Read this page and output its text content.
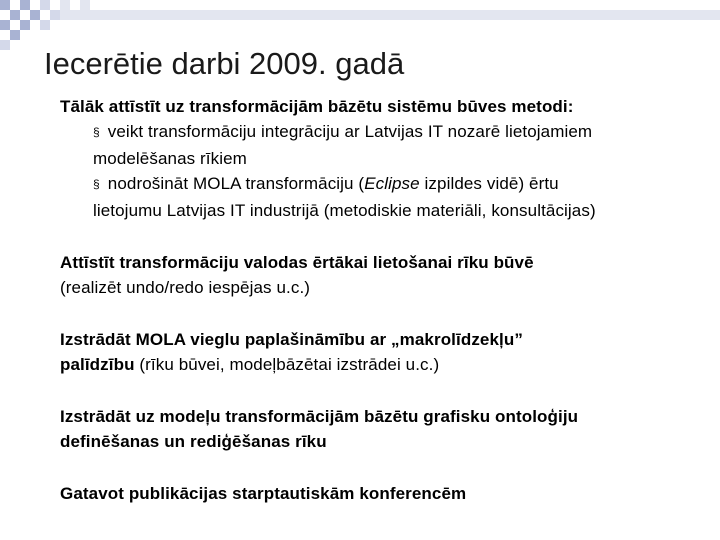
Iecerētie darbi 2009. gadā
Tālāk attīstīt uz transformācijām bāzētu sistēmu būves metodi:
§ veikt transformāciju integrāciju ar Latvijas IT nozarē lietojamiem
modelēšanas rīkiem
§ nodrošināt MOLA transformāciju (Eclipse izpildes vidē) ērtu
lietojumu Latvijas IT industrijā (metodiskie materiāli, konsultācijas)
Attīstīt transformāciju valodas ērtākai lietošanai rīku būvē
(realizēt undo/redo iespējas u.c.)
Izstrādāt MOLA vieglu paplašināmību ar „makrolīdzekļu”
palīdzību (rīku būvei, modeļbāzētai izstrādei u.c.)
Izstrādāt uz modeļu transformācijām bāzētu grafisku ontoloģiju
definēšanas un rediģēšanas rīku
Gatavot publikācijas starptautiskām konferencēm
